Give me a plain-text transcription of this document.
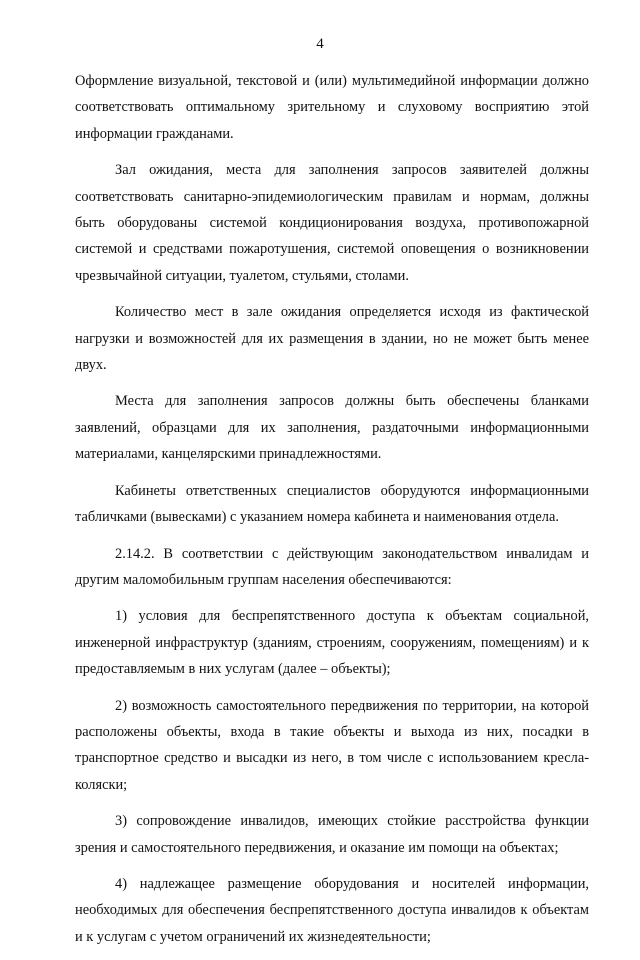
4

Оформление визуальной, текстовой и (или) мультимедийной информации должно соответствовать оптимальному зрительному и слуховому восприятию этой информации гражданами.

Зал ожидания, места для заполнения запросов заявителей должны соответствовать санитарно-эпидемиологическим правилам и нормам, должны быть оборудованы системой кондиционирования воздуха, противопожарной системой и средствами пожаротушения, системой оповещения о возникновении чрезвычайной ситуации, туалетом, стульями, столами.

Количество мест в зале ожидания определяется исходя из фактической нагрузки и возможностей для их размещения в здании, но не может быть менее двух.

Места для заполнения запросов должны быть обеспечены бланками заявлений, образцами для их заполнения, раздаточными информационными материалами, канцелярскими принадлежностями.

Кабинеты ответственных специалистов оборудуются информационными табличками (вывесками) с указанием номера кабинета и наименования отдела.

2.14.2. В соответствии с действующим законодательством инвалидам и другим маломобильным группам населения обеспечиваются:

1) условия для беспрепятственного доступа к объектам социальной, инженерной инфраструктур (зданиям, строениям, сооружениям, помещениям) и к предоставляемым в них услугам (далее – объекты);

2) возможность самостоятельного передвижения по территории, на которой расположены объекты, входа в такие объекты и выхода из них, посадки в транспортное средство и высадки из него, в том числе с использованием кресла-коляски;

3) сопровождение инвалидов, имеющих стойкие расстройства функции зрения и самостоятельного передвижения, и оказание им помощи на объектах;

4) надлежащее размещение оборудования и носителей информации, необходимых для обеспечения беспрепятственного доступа инвалидов к объектам и к услугам с учетом ограничений их жизнедеятельности;
